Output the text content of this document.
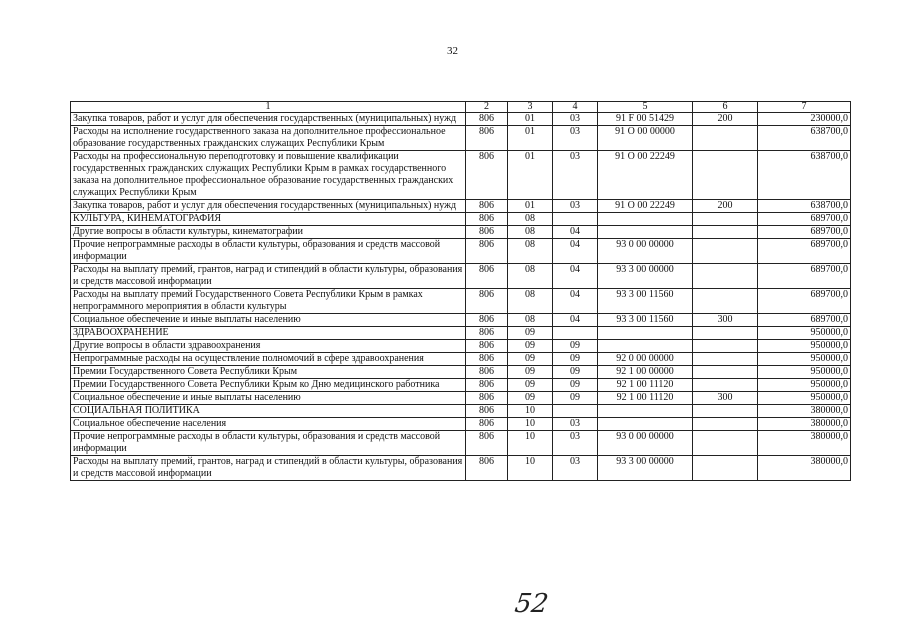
32
1	2	3	4	5	6	7
Закупка товаров, работ и услуг для обеспечения государственных (муниципальных) нужд	806	01	03	91 F 00 51429	200	230000,0
Расходы на исполнение государственного заказа на дополнительное профессиональное образование государственных гражданских служащих Республики Крым	806	01	03	91 О 00 00000		638700,0
Расходы на профессиональную переподготовку и повышение квалификации государственных гражданских служащих Республики Крым в рамках государственного заказа на дополнительное профессиональное образование государственных гражданских служащих Республики Крым	806	01	03	91 О 00 22249		638700,0
Закупка товаров, работ и услуг для обеспечения государственных (муниципальных) нужд	806	01	03	91 О 00 22249	200	638700,0
КУЛЬТУРА, КИНЕМАТОГРАФИЯ	806	08				689700,0
Другие вопросы в области культуры, кинематографии	806	08	04			689700,0
Прочие непрограммные расходы в области культуры, образования и средств массовой информации	806	08	04	93 0 00 00000		689700,0
Расходы на выплату премий, грантов, наград и стипендий в области культуры, образования и средств массовой информации	806	08	04	93 3 00 00000		689700,0
Расходы на выплату премий Государственного Совета Республики Крым в рамках непрограммного мероприятия в области культуры	806	08	04	93 3 00 11560		689700,0
Социальное обеспечение и иные выплаты населению	806	08	04	93 3 00 11560	300	689700,0
ЗДРАВООХРАНЕНИЕ	806	09				950000,0
Другие вопросы в области здравоохранения	806	09	09			950000,0
Непрограммные расходы на осуществление полномочий в сфере здравоохранения	806	09	09	92 0 00 00000		950000,0
Премии Государственного Совета Республики Крым	806	09	09	92 1 00 00000		950000,0
Премии Государственного Совета Республики Крым ко Дню медицинского работника	806	09	09	92 1 00 11120		950000,0
Социальное обеспечение и иные выплаты населению	806	09	09	92 1 00 11120	300	950000,0
СОЦИАЛЬНАЯ ПОЛИТИКА	806	10				380000,0
Социальное обеспечение населения	806	10	03			380000,0
Прочие непрограммные расходы в области культуры, образования и средств массовой информации	806	10	03	93 0 00 00000		380000,0
Расходы на выплату премий, грантов, наград и стипендий в области культуры, образования и средств массовой информации	806	10	03	93 3 00 00000		380000,0
52
